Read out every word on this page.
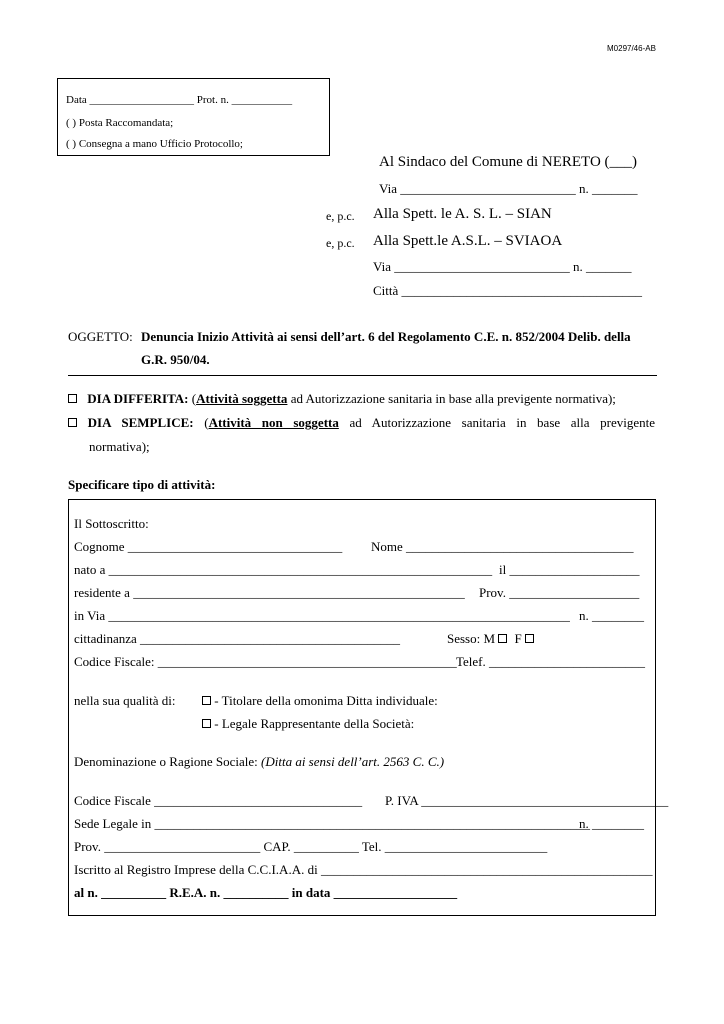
M0297/46-AB
Data ___________________ Prot. n. ___________
( ) Posta Raccomandata;
( ) Consegna a mano Ufficio Protocollo;
Al Sindaco del Comune di NERETO (___)
Via ___________________________ n. _______
e, p.c. Alla Spett. le A. S. L. – SIAN
e, p.c. Alla Spett.le A.S.L. – SVIAOA
Via ___________________________ n. _______
Città _____________________________________
OGGETTO: Denuncia Inizio Attività ai sensi dell’art. 6 del Regolamento C.E. n. 852/2004 Delib. della
G.R. 950/04.
DIA DIFFERITA: (Attività soggetta ad Autorizzazione sanitaria in base alla previgente normativa);
DIA SEMPLICE: (Attività non soggetta ad Autorizzazione sanitaria in base alla previgente
normativa);
Specificare tipo di attività:
Il Sottoscritto:
Cognome _________________________________ Nome ___________________________________
nato a ___________________________________________________________ il ____________________
residente a ___________________________________________________ Prov. ____________________
in Via _______________________________________________________________________ n. ________
cittadinanza ________________________________________	Sesso: M F
Codice Fiscale: ______________________________________________ Telef. ________________________
nella sua qualità di:	- Titolare della omonima Ditta individuale:
- Legale Rappresentante della Società:
Denominazione o Ragione Sociale: (Ditta ai sensi dell’art. 2563 C. C.)
Codice Fiscale ________________________________ P. IVA ______________________________________
Sede Legale in ___________________________________________________________________
n. ________
Prov. ________________________ CAP. __________ Tel. _________________________
Iscritto al Registro Imprese della C.C.I.A.A. di ___________________________________________________
al n. __________ R.E.A. n. __________ in data ___________________
